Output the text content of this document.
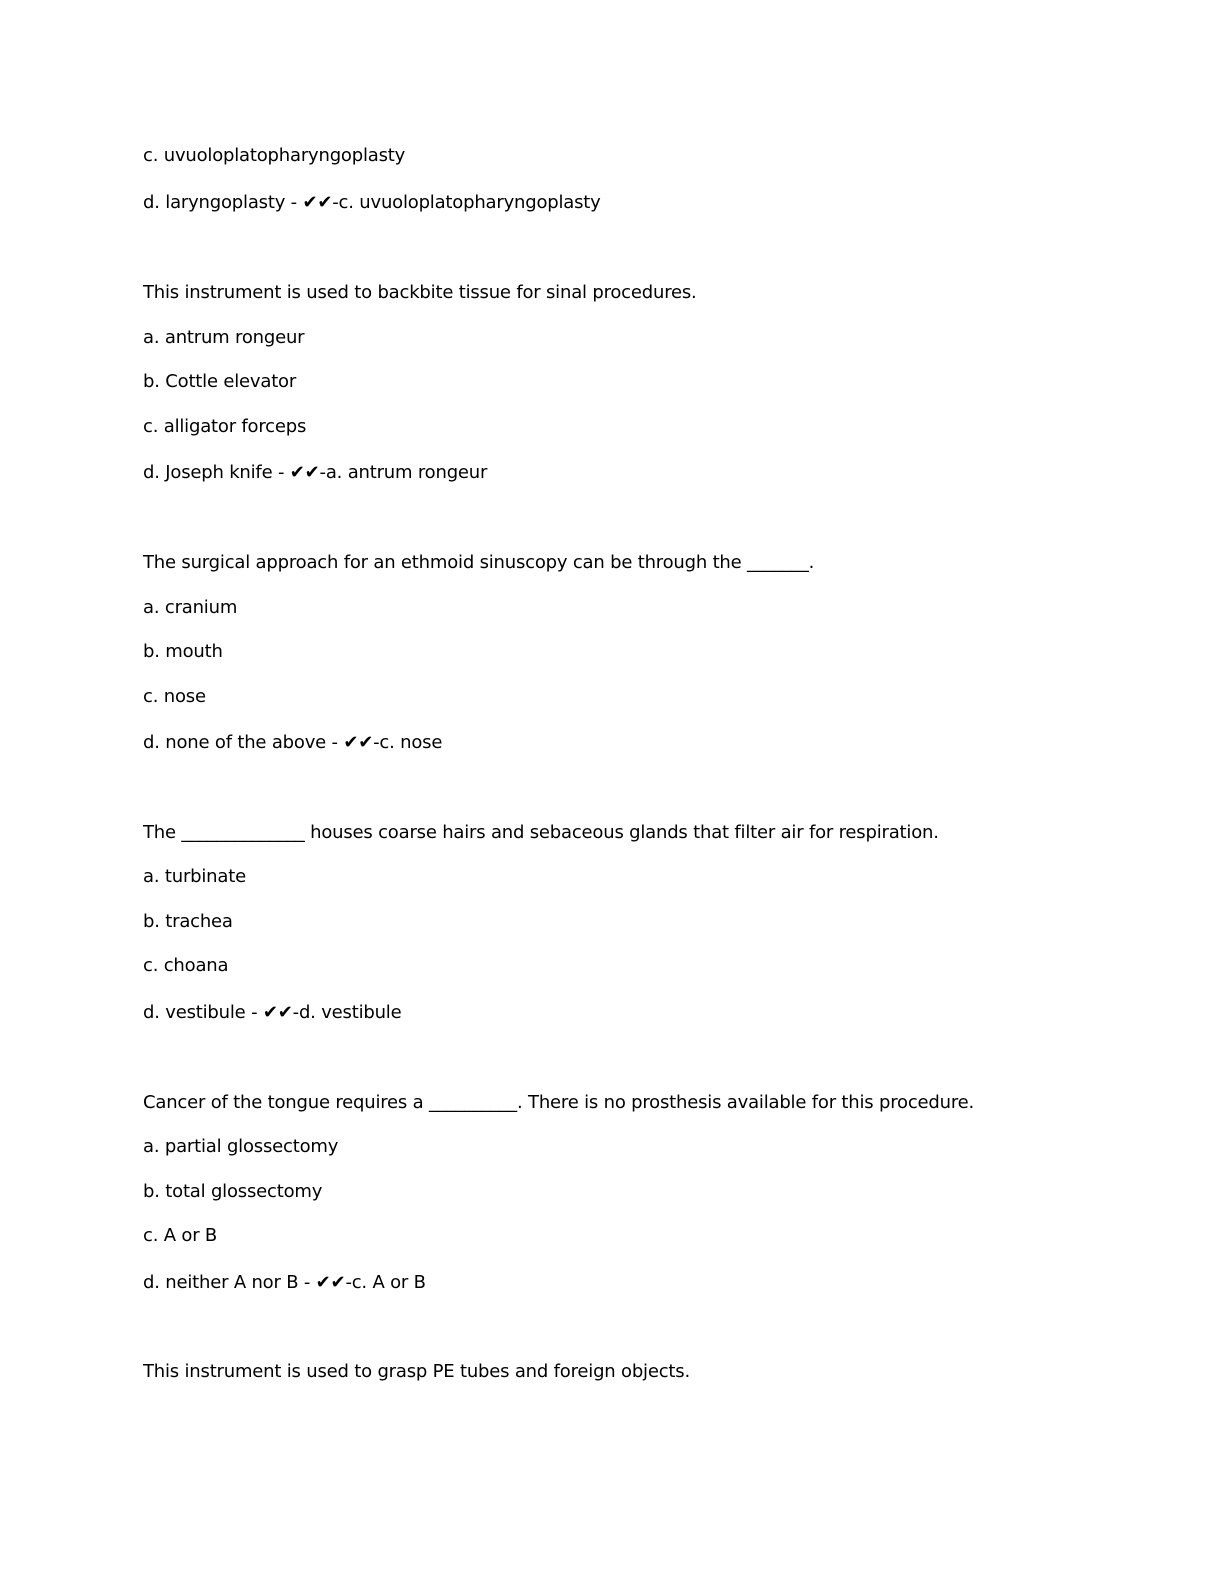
c. uvuoloplatopharyngoplasty
d. laryngoplasty - ✔✔-c. uvuoloplatopharyngoplasty
This instrument is used to backbite tissue for sinal procedures.
a. antrum rongeur
b. Cottle elevator
c. alligator forceps
d. Joseph knife - ✔✔-a. antrum rongeur
The surgical approach for an ethmoid sinuscopy can be through the _______.
a. cranium
b. mouth
c. nose
d. none of the above - ✔✔-c. nose
The ______________ houses coarse hairs and sebaceous glands that filter air for respiration.
a. turbinate
b. trachea
c. choana
d. vestibule - ✔✔-d. vestibule
Cancer of the tongue requires a __________. There is no prosthesis available for this procedure.
a. partial glossectomy
b. total glossectomy
c. A or B
d. neither A nor B - ✔✔-c. A or B
This instrument is used to grasp PE tubes and foreign objects.
